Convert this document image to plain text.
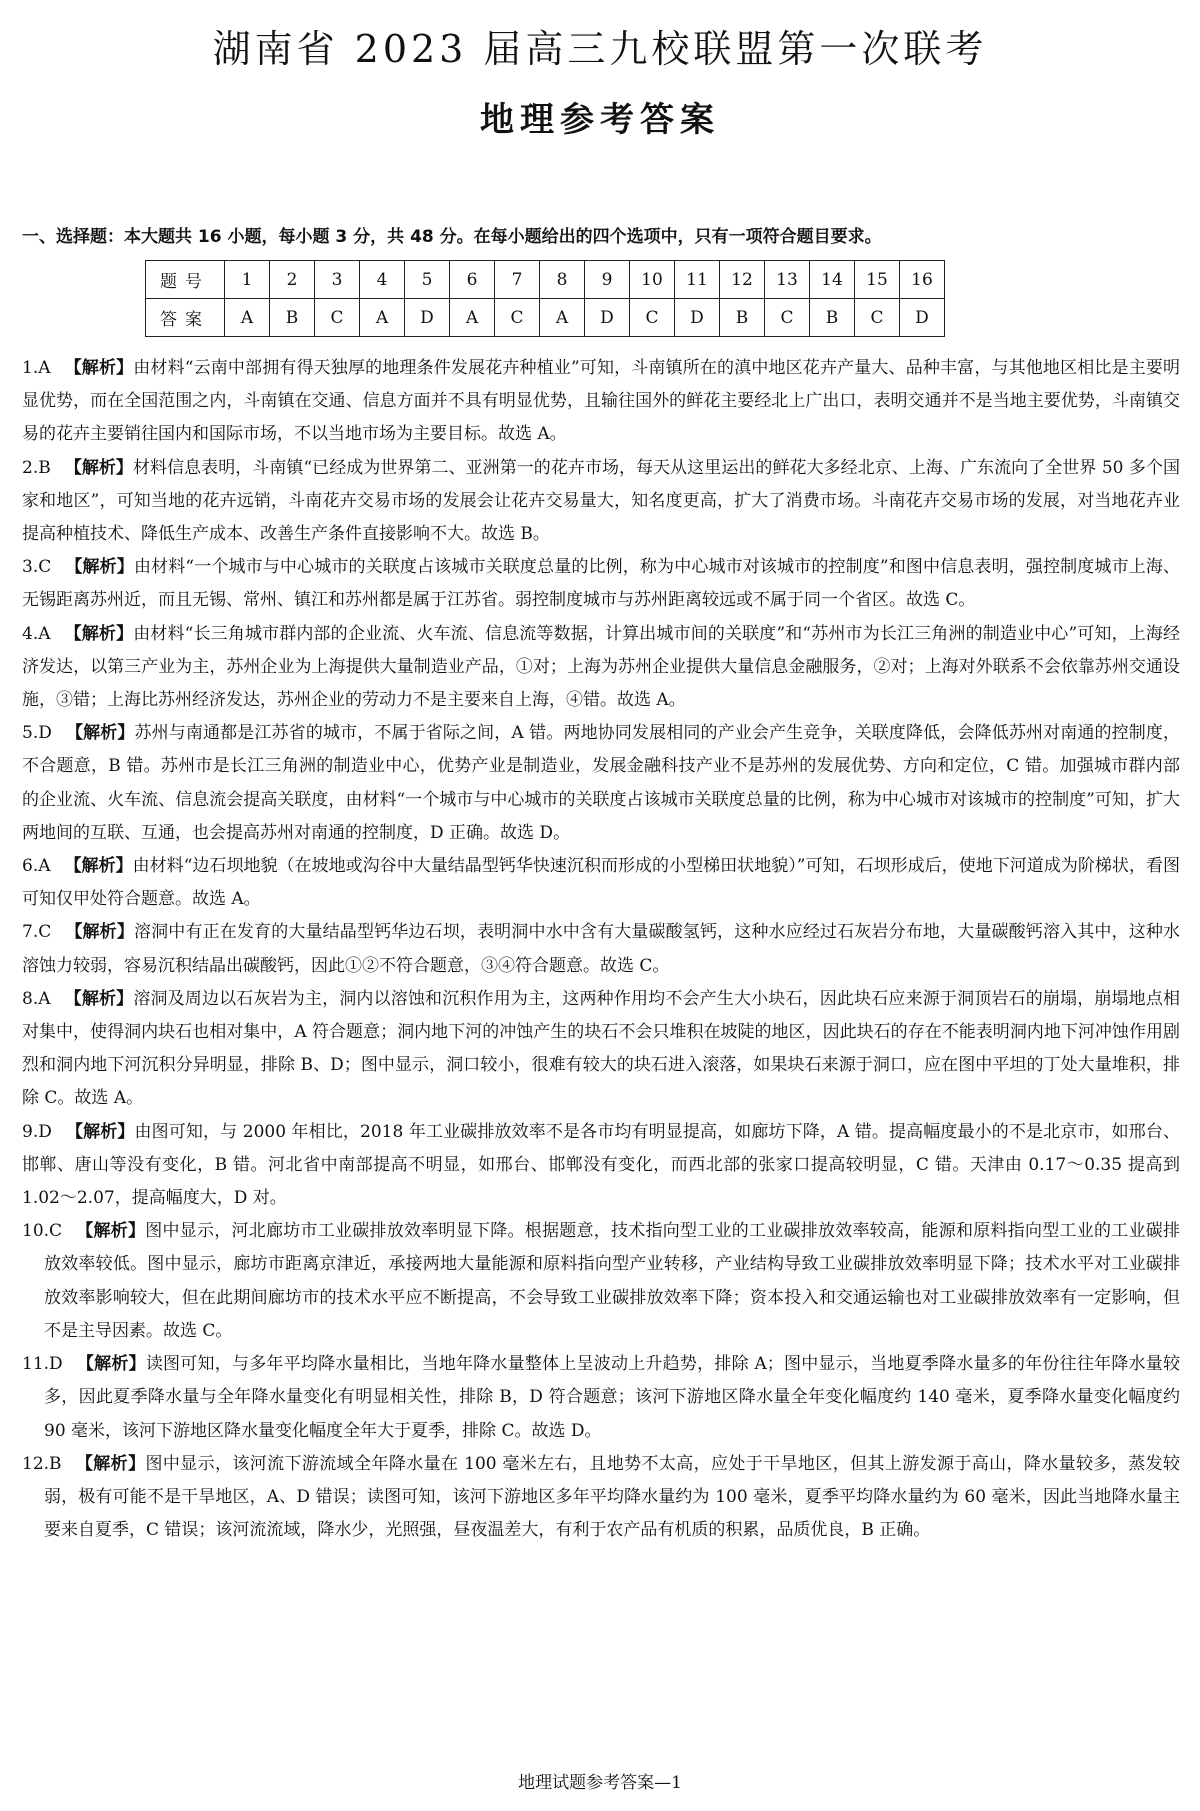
湖南省 2023 届高三九校联盟第一次联考
地理参考答案
一、选择题：本大题共 16 小题，每小题 3 分，共 48 分。在每小题给出的四个选项中，只有一项符合题目要求。
题号	1	2	3	4	5	6	7	8	9	10	11	12	13	14	15	16
答案	A	B	C	A	D	A	C	A	D	C	D	B	C	B	C	D

1.A 【解析】由材料“云南中部拥有得天独厚的地理条件发展花卉种植业”可知，斗南镇所在的滇中地区花卉产量大、品种丰富，与其他地区相比是主要明显优势，而在全国范围之内，斗南镇在交通、信息方面并不具有明显优势，且输往国外的鲜花主要经北上广出口，表明交通并不是当地主要优势，斗南镇交易的花卉主要销往国内和国际市场，不以当地市场为主要目标。故选 A。

2.B 【解析】材料信息表明，斗南镇“已经成为世界第二、亚洲第一的花卉市场，每天从这里运出的鲜花大多经北京、上海、广东流向了全世界 50 多个国家和地区”，可知当地的花卉远销，斗南花卉交易市场的发展会让花卉交易量大，知名度更高，扩大了消费市场。斗南花卉交易市场的发展，对当地花卉业提高种植技术、降低生产成本、改善生产条件直接影响不大。故选 B。

3.C 【解析】由材料“一个城市与中心城市的关联度占该城市关联度总量的比例，称为中心城市对该城市的控制度”和图中信息表明，强控制度城市上海、无锡距离苏州近，而且无锡、常州、镇江和苏州都是属于江苏省。弱控制度城市与苏州距离较远或不属于同一个省区。故选 C。

4.A 【解析】由材料“长三角城市群内部的企业流、火车流、信息流等数据，计算出城市间的关联度”和“苏州市为长江三角洲的制造业中心”可知，上海经济发达，以第三产业为主，苏州企业为上海提供大量制造业产品，①对；上海为苏州企业提供大量信息金融服务，②对；上海对外联系不会依靠苏州交通设施，③错；上海比苏州经济发达，苏州企业的劳动力不是主要来自上海，④错。故选 A。

5.D 【解析】苏州与南通都是江苏省的城市，不属于省际之间，A 错。两地协同发展相同的产业会产生竞争，关联度降低，会降低苏州对南通的控制度，不合题意，B 错。苏州市是长江三角洲的制造业中心，优势产业是制造业，发展金融科技产业不是苏州的发展优势、方向和定位，C 错。加强城市群内部的企业流、火车流、信息流会提高关联度，由材料“一个城市与中心城市的关联度占该城市关联度总量的比例，称为中心城市对该城市的控制度”可知，扩大两地间的互联、互通，也会提高苏州对南通的控制度，D 正确。故选 D。

6.A 【解析】由材料“边石坝地貌（在坡地或沟谷中大量结晶型钙华快速沉积而形成的小型梯田状地貌）”可知，石坝形成后，使地下河道成为阶梯状，看图可知仅甲处符合题意。故选 A。

7.C 【解析】溶洞中有正在发育的大量结晶型钙华边石坝，表明洞中水中含有大量碳酸氢钙，这种水应经过石灰岩分布地，大量碳酸钙溶入其中，这种水溶蚀力较弱，容易沉积结晶出碳酸钙，因此①②不符合题意，③④符合题意。故选 C。

8.A 【解析】溶洞及周边以石灰岩为主，洞内以溶蚀和沉积作用为主，这两种作用均不会产生大小块石，因此块石应来源于洞顶岩石的崩塌，崩塌地点相对集中，使得洞内块石也相对集中，A 符合题意；洞内地下河的冲蚀产生的块石不会只堆积在坡陡的地区，因此块石的存在不能表明洞内地下河冲蚀作用剧烈和洞内地下河沉积分异明显，排除 B、D；图中显示，洞口较小，很难有较大的块石进入滚落，如果块石来源于洞口，应在图中平坦的丁处大量堆积，排除 C。故选 A。

9.D 【解析】由图可知，与 2000 年相比，2018 年工业碳排放效率不是各市均有明显提高，如廊坊下降，A 错。提高幅度最小的不是北京市，如邢台、邯郸、唐山等没有变化，B 错。河北省中南部提高不明显，如邢台、邯郸没有变化，而西北部的张家口提高较明显，C 错。天津由 0.17～0.35 提高到 1.02～2.07，提高幅度大，D 对。

10.C 【解析】图中显示，河北廊坊市工业碳排放效率明显下降。根据题意，技术指向型工业的工业碳排放效率较高，能源和原料指向型工业的工业碳排放效率较低。图中显示，廊坊市距离京津近，承接两地大量能源和原料指向型产业转移，产业结构导致工业碳排放效率明显下降；技术水平对工业碳排放效率影响较大，但在此期间廊坊市的技术水平应不断提高，不会导致工业碳排放效率下降；资本投入和交通运输也对工业碳排放效率有一定影响，但不是主导因素。故选 C。

11.D 【解析】读图可知，与多年平均降水量相比，当地年降水量整体上呈波动上升趋势，排除 A；图中显示，当地夏季降水量多的年份往往年降水量较多，因此夏季降水量与全年降水量变化有明显相关性，排除 B，D 符合题意；该河下游地区降水量全年变化幅度约 140 毫米，夏季降水量变化幅度约 90 毫米，该河下游地区降水量变化幅度全年大于夏季，排除 C。故选 D。

12.B 【解析】图中显示，该河流下游流域全年降水量在 100 毫米左右，且地势不太高，应处于干旱地区，但其上游发源于高山，降水量较多，蒸发较弱，极有可能不是干旱地区，A、D 错误；读图可知，该河下游地区多年平均降水量约为 100 毫米，夏季平均降水量约为 60 毫米，因此当地降水量主要来自夏季，C 错误；该河流流域，降水少，光照强，昼夜温差大，有利于农产品有机质的积累，品质优良，B 正确。

地理试题参考答案—1
